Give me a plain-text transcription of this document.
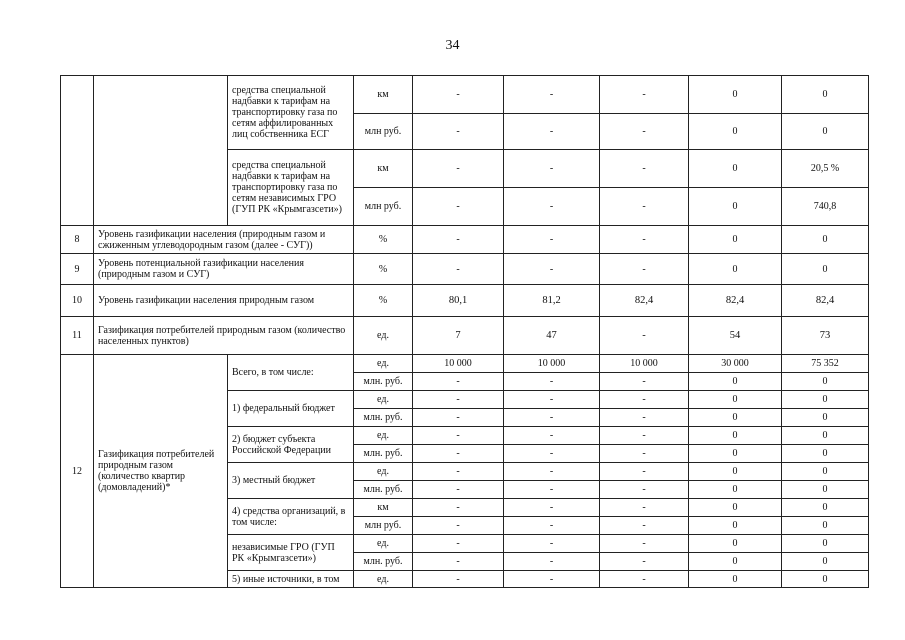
34
		средства специальной надбавки к тарифам на транспортировку газа по сетям аффилированных лиц собственника ЕСГ	км	-	-	-	0	0
			млн руб.	-	-	-	0	0
		средства специальной надбавки к тарифам на транспортировку газа по сетям независимых ГРО (ГУП РК «Крымгазсети»)	км	-	-	-	0	20,5 %
			млн руб.	-	-	-	0	740,8
8	Уровень газификации населения (природным газом и сжиженным углеводородным газом (далее - СУГ))		%	-	-	-	0	0
9	Уровень потенциальной газификации населения (природным газом и СУГ)		%	-	-	-	0	0
10	Уровень газификации населения природным газом		%	80,1	81,2	82,4	82,4	82,4
11	Газификация потребителей природным газом (количество населенных пунктов)		ед.	7	47	-	54	73
12	Газификация потребителей природным газом (количество квартир (домовладений)*	Всего, в том числе:	ед.	10 000	10 000	10 000	30 000	75 352
			млн. руб.	-	-	-	0	0
		1) федеральный бюджет	ед.	-	-	-	0	0
			млн. руб.	-	-	-	0	0
		2) бюджет субъекта Российской Федерации	ед.	-	-	-	0	0
			млн. руб.	-	-	-	0	0
		3) местный бюджет	ед.	-	-	-	0	0
			млн. руб.	-	-	-	0	0
		4) средства организаций, в том числе:	км	-	-	-	0	0
			млн руб.	-	-	-	0	0
		независимые ГРО (ГУП РК «Крымгазсети»)	ед.	-	-	-	0	0
			млн. руб.	-	-	-	0	0
		5) иные источники, в том	ед.	-	-	-	0	0
